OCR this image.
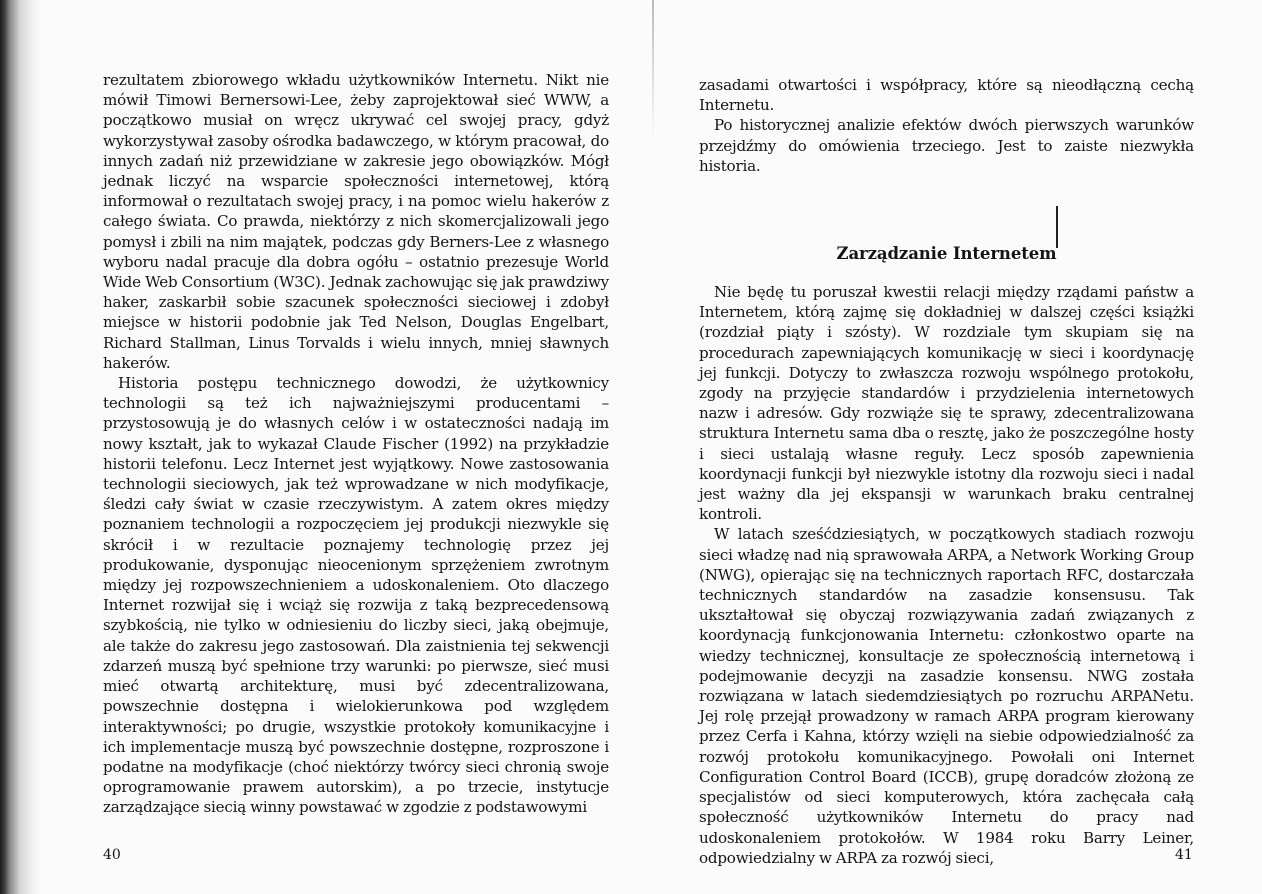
rezultatem zbiorowego wkładu użytkowników Internetu. Nikt nie mówił Timowi Bernersowi-Lee, żeby zaprojektował sieć WWW, a początkowo musiał on wręcz ukrywać cel swojej pracy, gdyż wykorzystywał zasoby ośrodka badawczego, w którym pracował, do innych zadań niż przewidziane w zakresie jego obowiązków. Mógł jednak liczyć na wsparcie społeczności internetowej, którą informował o rezultatach swojej pracy, i na pomoc wielu hakerów z całego świata. Co prawda, niektórzy z nich skomercjalizowali jego pomysł i zbili na nim majątek, podczas gdy Berners-Lee z własnego wyboru nadal pracuje dla dobra ogółu – ostatnio prezesuje World Wide Web Consortium (W3C). Jednak zachowując się jak prawdziwy haker, zaskarbił sobie szacunek społeczności sieciowej i zdobył miejsce w historii podobnie jak Ted Nelson, Douglas Engelbart, Richard Stallman, Linus Torvalds i wielu innych, mniej sławnych hakerów.

Historia postępu technicznego dowodzi, że użytkownicy technologii są też ich najważniejszymi producentami – przystosowują je do własnych celów i w ostateczności nadają im nowy kształt, jak to wykazał Claude Fischer (1992) na przykładzie historii telefonu. Lecz Internet jest wyjątkowy. Nowe zastosowania technologii sieciowych, jak też wprowadzane w nich modyfikacje, śledzi cały świat w czasie rzeczywistym. A zatem okres między poznaniem technologii a rozpoczęciem jej produkcji niezwykle się skrócił i w rezultacie poznajemy technologię przez jej produkowanie, dysponując nieocenionym sprzężeniem zwrotnym między jej rozpowszechnieniem a udoskonaleniem. Oto dlaczego Internet rozwijał się i wciąż się rozwija z taką bezprecedensową szybkością, nie tylko w odniesieniu do liczby sieci, jaką obejmuje, ale także do zakresu jego zastosowań. Dla zaistnienia tej sekwencji zdarzeń muszą być spełnione trzy warunki: po pierwsze, sieć musi mieć otwartą architekturę, musi być zdecentralizowana, powszechnie dostępna i wielokierunkowa pod względem interaktywności; po drugie, wszystkie protokoły komunikacyjne i ich implementacje muszą być powszechnie dostępne, rozproszone i podatne na modyfikacje (choć niektórzy twórcy sieci chronią swoje oprogramowanie prawem autorskim), a po trzecie, instytucje zarządzające siecią winny powstawać w zgodzie z podstawowymi

zasadami otwartości i współpracy, które są nieodłączną cechą Internetu.

Po historycznej analizie efektów dwóch pierwszych warunków przejdźmy do omówienia trzeciego. Jest to zaiste niezwykła historia.

Zarządzanie Internetem

Nie będę tu poruszał kwestii relacji między rządami państw a Internetem, którą zajmę się dokładniej w dalszej części książki (rozdział piąty i szósty). W rozdziale tym skupiam się na procedurach zapewniających komunikację w sieci i koordynację jej funkcji. Dotyczy to zwłaszcza rozwoju wspólnego protokołu, zgody na przyjęcie standardów i przydzielenia internetowych nazw i adresów. Gdy rozwiąże się te sprawy, zdecentralizowana struktura Internetu sama dba o resztę, jako że poszczególne hosty i sieci ustalają własne reguły. Lecz sposób zapewnienia koordynacji funkcji był niezwykle istotny dla rozwoju sieci i nadal jest ważny dla jej ekspansji w warunkach braku centralnej kontroli.

W latach sześćdziesiątych, w początkowych stadiach rozwoju sieci władzę nad nią sprawowała ARPA, a Network Working Group (NWG), opierając się na technicznych raportach RFC, dostarczała technicznych standardów na zasadzie konsensusu. Tak ukształtował się obyczaj rozwiązywania zadań związanych z koordynacją funkcjonowania Internetu: członkostwo oparte na wiedzy technicznej, konsultacje ze społecznością internetową i podejmowanie decyzji na zasadzie konsensu. NWG została rozwiązana w latach siedemdziesiątych po rozruchu ARPANetu. Jej rolę przejął prowadzony w ramach ARPA program kierowany przez Cerfa i Kahna, którzy wzięli na siebie odpowiedzialność za rozwój protokołu komunikacyjnego. Powołali oni Internet Configuration Control Board (ICCB), grupę doradców złożoną ze specjalistów od sieci komputerowych, która zachęcała całą społeczność użytkowników Internetu do pracy nad udoskonaleniem protokołów. W 1984 roku Barry Leiner, odpowiedzialny w ARPA za rozwój sieci,

40	41
